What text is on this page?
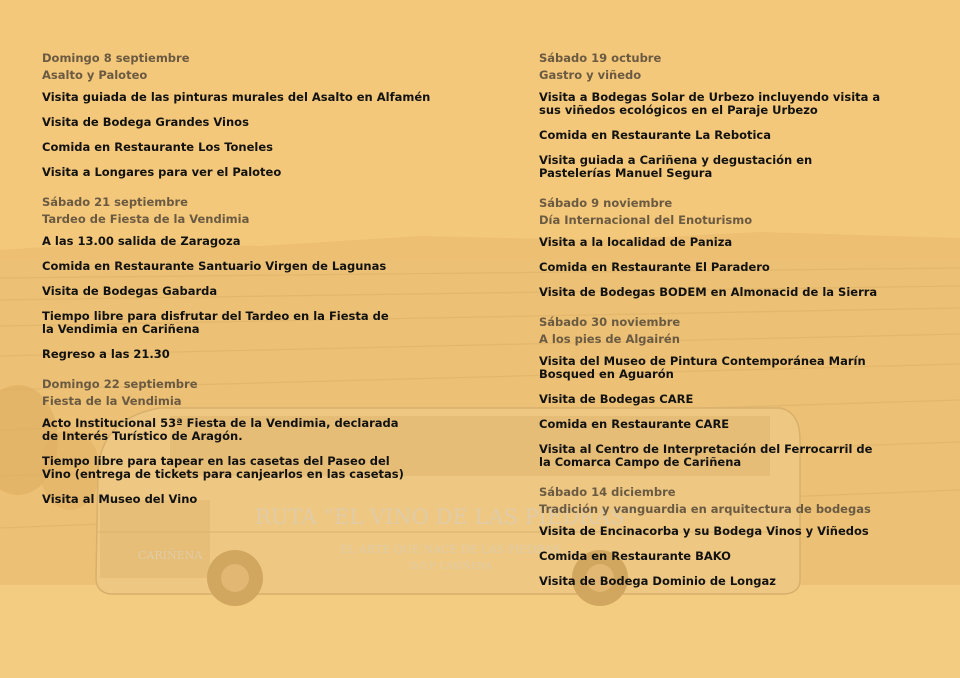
RUTA “EL VINO DE LAS PIEDRAS”
EL ARTE QUE NACE DE LAS PIEDRAS
D.O.P. CARIÑENA
CARIÑENA
Domingo 8 septiembre
Asalto y Paloteo
Visita guiada de las pinturas murales del Asalto en Alfamén
Visita de Bodega Grandes Vinos
Comida en Restaurante Los Toneles
Visita a Longares para ver el Paloteo
Sábado 21 septiembre
Tardeo de Fiesta de la Vendimia
A las 13.00 salida de Zaragoza
Comida en Restaurante Santuario Virgen de Lagunas
Visita de Bodegas Gabarda
Tiempo libre para disfrutar del Tardeo en la Fiesta de la Vendimia en Cariñena
Regreso a las 21.30
Domingo 22 septiembre
Fiesta de la Vendimia
Acto Institucional 53ª Fiesta de la Vendimia, declarada de Interés Turístico de Aragón.
Tiempo libre para tapear en las casetas del Paseo del Vino (entrega de tickets para canjearlos en las casetas)
Visita al Museo del Vino
Sábado 19 octubre
Gastro y viñedo
Visita a Bodegas Solar de Urbezo incluyendo visita a sus viñedos ecológicos en el Paraje Urbezo
Comida en Restaurante La Rebotica
Visita guiada a Cariñena y degustación en Pastelerías Manuel Segura
Sábado 9 noviembre
Día Internacional del Enoturismo
Visita a la localidad de Paniza
Comida en Restaurante El Paradero
Visita de Bodegas BODEM en Almonacid de la Sierra
Sábado 30 noviembre
A los pies de Algairén
Visita del Museo de Pintura Contemporánea Marín Bosqued en Aguarón
Visita de Bodegas CARE
Comida en Restaurante CARE
Visita al Centro de Interpretación del Ferrocarril de la Comarca Campo de Cariñena
Sábado 14 diciembre
Tradición y vanguardia en arquitectura de bodegas
Visita de Encinacorba y su Bodega Vinos y Viñedos
Comida en Restaurante BAKO
Visita de Bodega Dominio de Longaz
